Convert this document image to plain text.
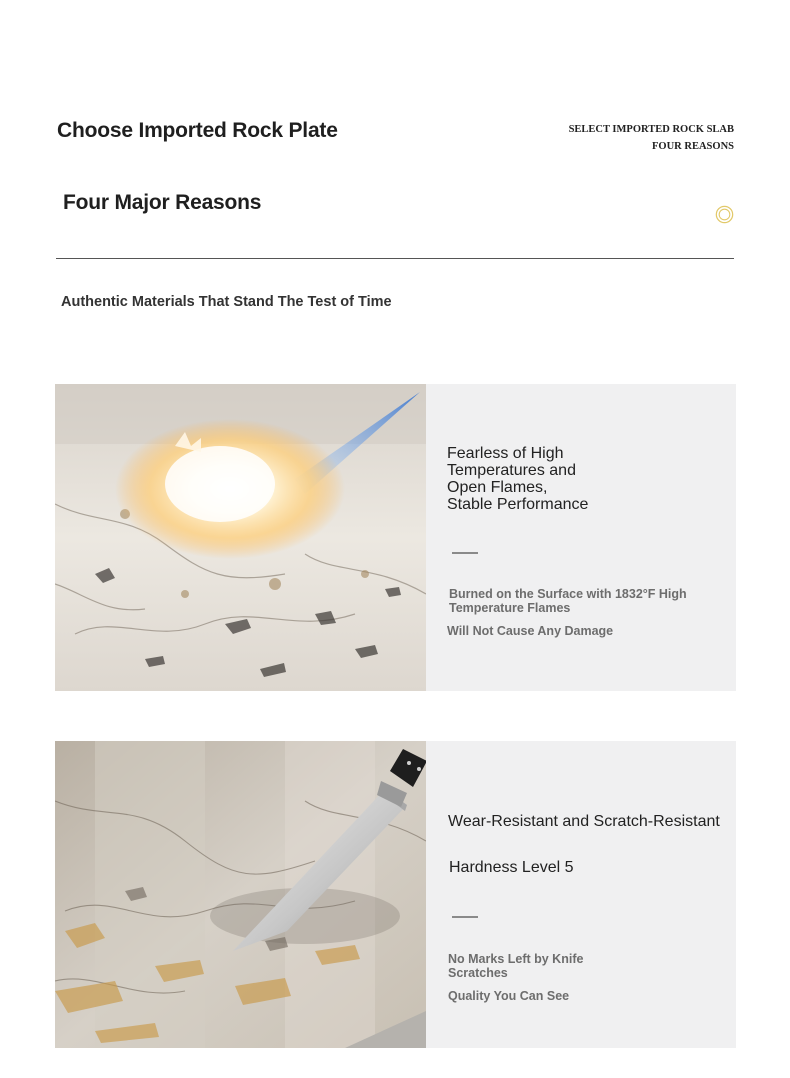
Choose Imported Rock Plate
Four Major Reasons
SELECT IMPORTED ROCK SLAB
FOUR REASONS

Authentic Materials That Stand The Test of Time

Fearless of High
Temperatures and
Open Flames,
Stable Performance
Burned on the Surface with 1832°F High Temperature Flames
Will Not Cause Any Damage
Wear-Resistant and Scratch-Resistant
Hardness Level 5
No Marks Left by Knife Scratches
Quality You Can See
